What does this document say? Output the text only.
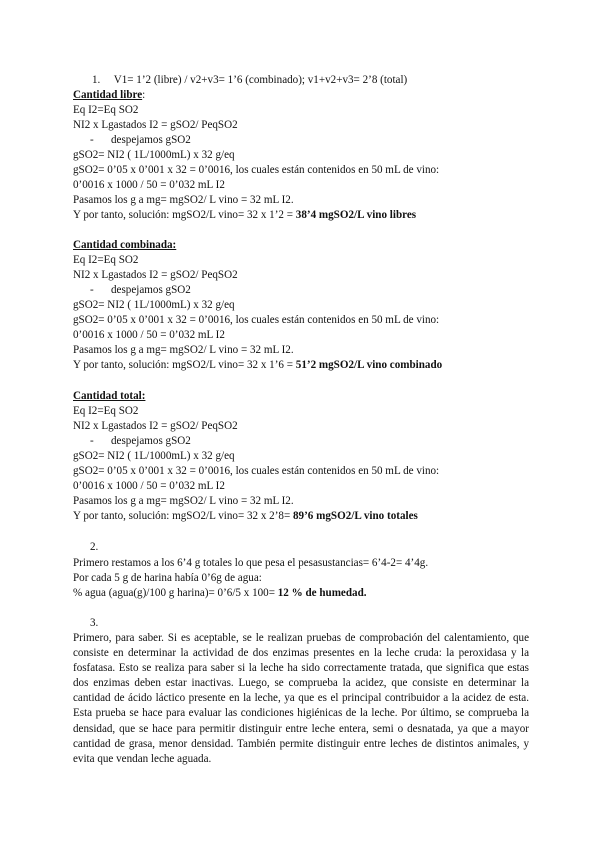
1. V1= 1’2 (libre) / v2+v3= 1’6 (combinado); v1+v2+v3= 2’8 (total)
Cantidad libre:
Eq I2=Eq SO2
NI2 x Lgastados I2 = gSO2/ PeqSO2
- despejamos gSO2
gSO2= NI2 ( 1L/1000mL) x 32 g/eq
gSO2= 0’05 x 0’001 x 32 = 0’0016, los cuales están contenidos en 50 mL de vino:
0’0016 x 1000 / 50 = 0’032 mL I2
Pasamos los g a mg= mgSO2/ L vino = 32 mL I2.
Y por tanto, solución: mgSO2/L vino= 32 x 1’2 = 38’4 mgSO2/L vino libres
Cantidad combinada:
Eq I2=Eq SO2
NI2 x Lgastados I2 = gSO2/ PeqSO2
- despejamos gSO2
gSO2= NI2 ( 1L/1000mL) x 32 g/eq
gSO2= 0’05 x 0’001 x 32 = 0’0016, los cuales están contenidos en 50 mL de vino:
0’0016 x 1000 / 50 = 0’032 mL I2
Pasamos los g a mg= mgSO2/ L vino = 32 mL I2.
Y por tanto, solución: mgSO2/L vino= 32 x 1’6 = 51’2 mgSO2/L vino combinado
Cantidad total:
Eq I2=Eq SO2
NI2 x Lgastados I2 = gSO2/ PeqSO2
- despejamos gSO2
gSO2= NI2 ( 1L/1000mL) x 32 g/eq
gSO2= 0’05 x 0’001 x 32 = 0’0016, los cuales están contenidos en 50 mL de vino:
0’0016 x 1000 / 50 = 0’032 mL I2
Pasamos los g a mg= mgSO2/ L vino = 32 mL I2.
Y por tanto, solución: mgSO2/L vino= 32 x 2’8= 89’6 mgSO2/L vino totales
2.
Primero restamos a los 6’4 g totales lo que pesa el pesasustancias= 6’4-2= 4’4g.
Por cada 5 g de harina había 0’6g de agua:
% agua (agua(g)/100 g harina)= 0’6/5 x 100= 12 % de humedad.
3.
Primero, para saber. Si es aceptable, se le realizan pruebas de comprobación del calentamiento, que consiste en determinar la actividad de dos enzimas presentes en la leche cruda: la peroxidasa y la fosfatasa. Esto se realiza para saber si la leche ha sido correctamente tratada, que significa que estas dos enzimas deben estar inactivas. Luego, se comprueba la acidez, que consiste en determinar la cantidad de ácido láctico presente en la leche, ya que es el principal contribuidor a la acidez de esta. Esta prueba se hace para evaluar las condiciones higiénicas de la leche. Por último, se comprueba la densidad, que se hace para permitir distinguir entre leche entera, semi o desnatada, ya que a mayor cantidad de grasa, menor densidad. También permite distinguir entre leches de distintos animales, y evita que vendan leche aguada.
